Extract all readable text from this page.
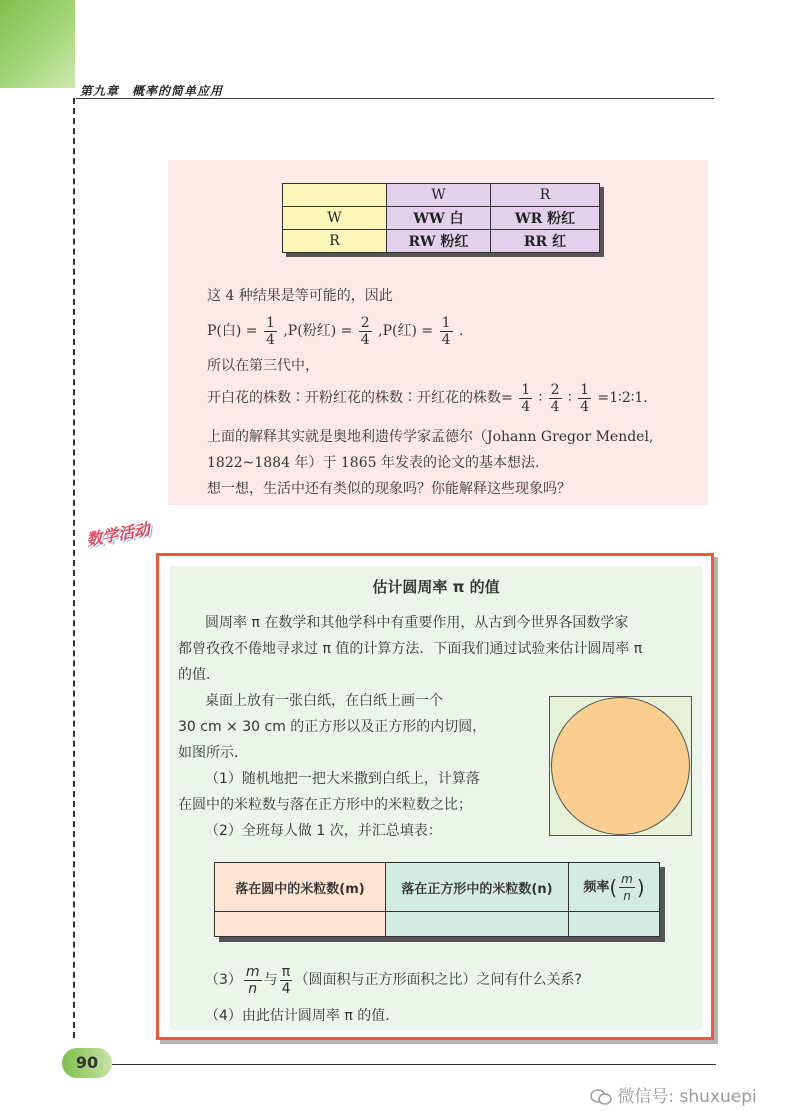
第九章　概率的简单应用
	W	R
W	WW 白	WR 粉红
R	RW 粉红	RR 红
这 4 种结果是等可能的，因此
P(白) = $\frac{1}{4} ,P$(粉红) = $\frac{2}{4} ,P$(红) = $\frac{1}{4}$ .
所以在第三代中，
开白花的株数∶开粉红花的株数∶开红花的株数= $\frac{1}{4}$ ∶ $\frac{2}{4}$ ∶ $\frac{1}{4}$ =1∶2∶1.
上面的解释其实就是奥地利遗传学家孟德尔（Johann Gregor Mendel,
1822~1884 年）于 1865 年发表的论文的基本想法.
想一想，生活中还有类似的现象吗？你能解释这些现象吗？
数学活动
估计圆周率 π 的值
圆周率 π 在数学和其他学科中有重要作用，从古到今世界各国数学家
都曾孜孜不倦地寻求过 π 值的计算方法．下面我们通过试验来估计圆周率 π
的值．
桌面上放有一张白纸，在白纸上画一个
30 cm × 30 cm 的正方形以及正方形的内切圆，
如图所示．
（1）随机地把一把大米撒到白纸上，计算落
在圆中的米粒数与落在正方形中的米粒数之比；
（2）全班每人做 1 次，并汇总填表：
落在圆中的米粒数(m)	落在正方形中的米粒数(n)	频率( $\frac{m}{n}$ )

$(3) \frac{m}{n}$ 与 $\frac{\pi}{4}$ （圆面积与正方形面积之比）之间有什么关系?
（4）由此估计圆周率 π 的值．
90
微信号: shuxuepi
